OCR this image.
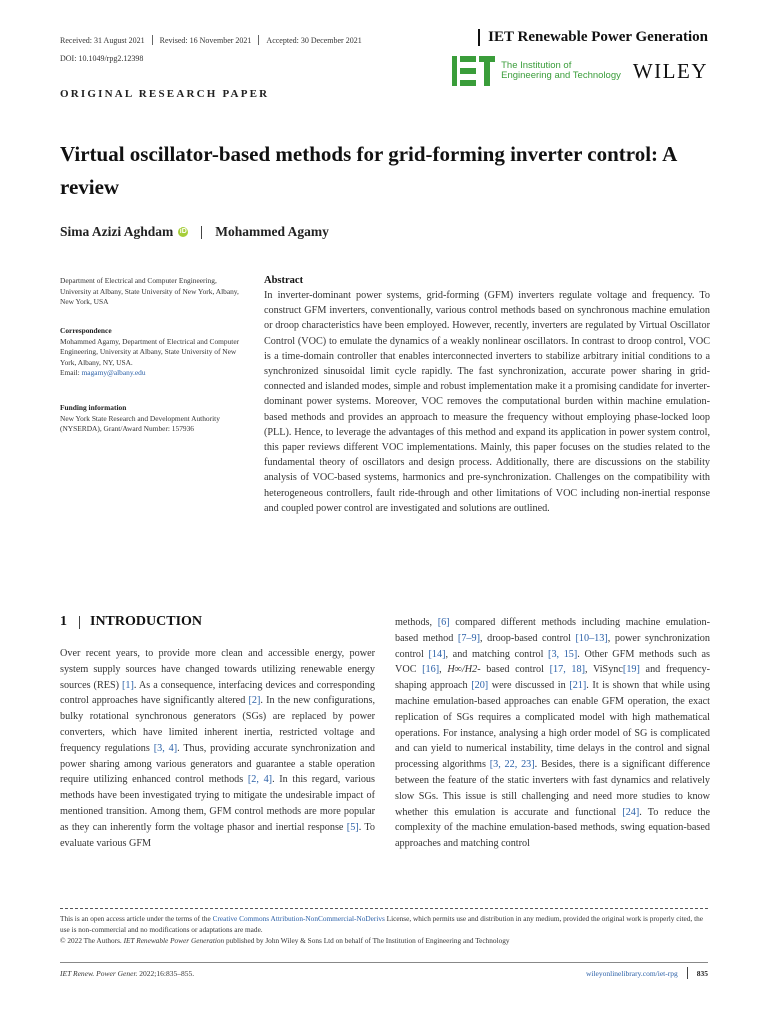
Received: 31 August 2021 Revised: 16 November 2021 Accepted: 30 December 2021
DOI: 10.1049/rpg2.12398
IET Renewable Power Generation
The Institution of
Engineering and Technology WILEY
ORIGINAL RESEARCH PAPER
Virtual oscillator-based methods for grid-forming inverter control: A review
Sima Azizi Aghdam iD Mohammed Agamy
Department of Electrical and Computer Engineering, University at Albany, State University of New York, Albany, New York, USA
Correspondence
Mohammed Agamy, Department of Electrical and Computer Engineering, University at Albany, State University of New York, Albany, NY, USA.
Email: magamy@albany.edu
Funding information
New York State Research and Development Authority (NYSERDA), Grant/Award Number: 157936
Abstract
In inverter-dominant power systems, grid-forming (GFM) inverters regulate voltage and frequency. To construct GFM inverters, conventionally, various control methods based on synchronous machine emulation or droop characteristics have been employed. However, recently, inverters are regulated by Virtual Oscillator Control (VOC) to emulate the dynamics of a weakly nonlinear oscillators. In contrast to droop control, VOC is a time-domain controller that enables interconnected inverters to stabilize arbitrary initial conditions to a synchronized sinusoidal limit cycle rapidly. The fast synchronization, accurate power sharing in grid-connected and islanded modes, simple and robust implementation make it a promising candidate for inverter-dominant power systems. Moreover, VOC removes the computational burden within machine emulation-based methods and provides an approach to measure the frequency without employing phase-locked loop (PLL). Hence, to leverage the advantages of this method and expand its application in power system control, this paper reviews different VOC implementations. Mainly, this paper focuses on the studies related to the fundamental theory of oscillators and design process. Additionally, there are discussions on the stability analysis of VOC-based systems, harmonics and pre-synchronization. Challenges on the compatibility with heterogeneous controllers, fault ride-through and other limitations of VOC including non-inertial response and coupled power control are investigated and solutions are outlined.
1 INTRODUCTION
Over recent years, to provide more clean and accessible energy, power system supply sources have changed towards utilizing renewable energy sources (RES) [1]. As a consequence, interfacing devices and corresponding control approaches have significantly altered [2]. In the new configurations, bulky rotational synchronous generators (SGs) are replaced by power converters, which have limited inherent inertia, restricted voltage and frequency regulations [3, 4]. Thus, providing accurate synchronization and power sharing among various generators and guarantee a stable operation require utilizing enhanced control methods [2, 4]. In this regard, various methods have been investigated trying to mitigate the undesirable impact of mentioned transition. Among them, GFM control methods are more popular as they can inherently form the voltage phasor and inertial response [5]. To evaluate various GFM
methods, [6] compared different methods including machine emulation-based method [7–9], droop-based control [10–13], power synchronization control [14], and matching control [3, 15]. Other GFM methods such as VOC [16], H∞/H2- based control [17, 18], ViSync[19] and frequency-shaping approach [20] were discussed in [21]. It is shown that while using machine emulation-based approaches can enable GFM operation, the exact replication of SGs requires a complicated model with high mathematical operations. For instance, analysing a high order model of SG is complicated and can yield to numerical instability, time delays in the control and signal processing algorithms [3, 22, 23]. Besides, there is a significant difference between the feature of the static inverters with fast dynamics and relatively slow SGs. This issue is still challenging and need more studies to know whether this emulation is accurate and functional [24]. To reduce the complexity of the machine emulation-based methods, swing equation-based approaches and matching control
This is an open access article under the terms of the Creative Commons Attribution-NonCommercial-NoDerivs License, which permits use and distribution in any medium, provided the original work is properly cited, the use is non-commercial and no modifications or adaptations are made.
© 2022 The Authors. IET Renewable Power Generation published by John Wiley & Sons Ltd on behalf of The Institution of Engineering and Technology
IET Renew. Power Gener. 2022;16:835–855.	wileyonlinelibrary.com/iet-rpg	835
